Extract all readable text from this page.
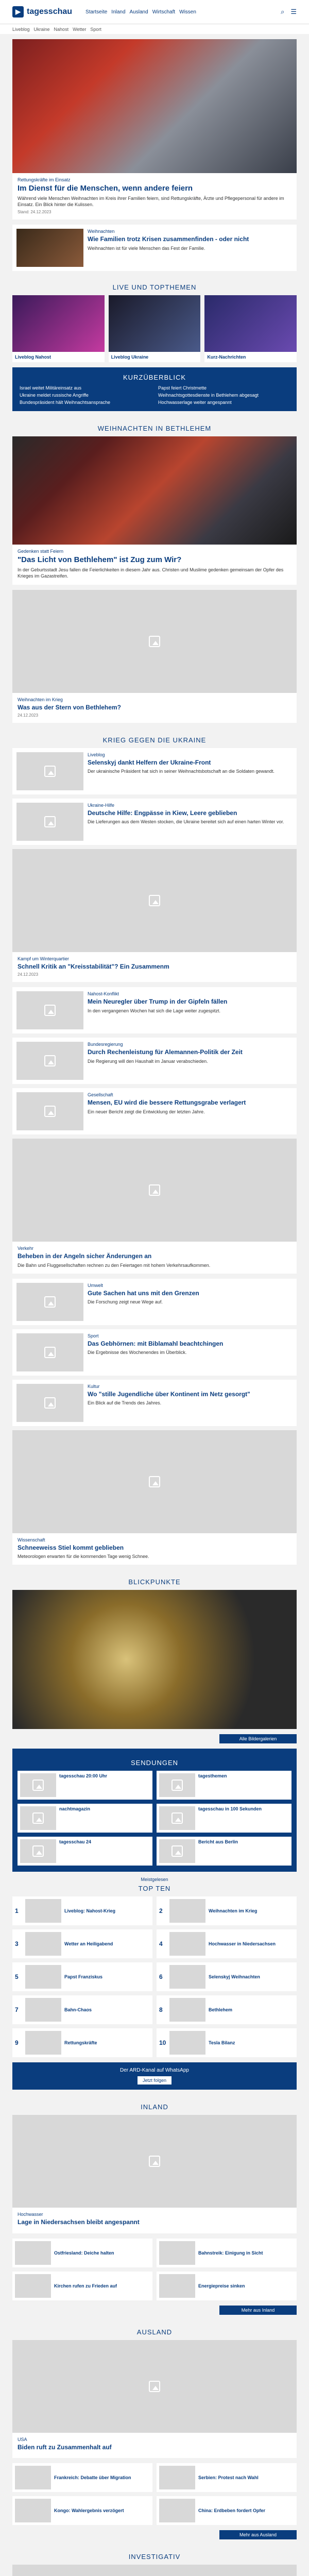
▶ tagesschau	Startseite Inland Ausland Wirtschaft Wissen	⌕ ☰
Liveblog Ukraine Nahost Wetter Sport
Rettungskräfte im Einsatz
Im Dienst für die Menschen, wenn andere feiern
Während viele Menschen Weihnachten im Kreis ihrer Familien feiern, sind Rettungskräfte, Ärzte und Pflegepersonal für andere im Einsatz. Ein Blick hinter die Kulissen.
Stand: 24.12.2023
Weihnachten
Wie Familien trotz Krisen zusammenfinden - oder nicht
Weihnachten ist für viele Menschen das Fest der Familie.
LIVE UND TOPTHEMEN
Liveblog Nahost	Liveblog Ukraine	Kurz-Nachrichten
KURZÜBERBLICK
Israel weitet Militäreinsatz aus	Papst feiert Christmette
Ukraine meldet russische Angriffe	Weihnachtsgottesdienste in Bethlehem abgesagt
Bundespräsident hält Weihnachtsansprache	Hochwasserlage weiter angespannt
WEIHNACHTEN IN BETHLEHEM
Gedenken statt Feiern
"Das Licht von Bethlehem" ist Zug zum Wir?
In der Geburtsstadt Jesu fallen die Feierlichkeiten in diesem Jahr aus. Christen und Muslime gedenken gemeinsam der Opfer des Krieges im Gazastreifen.
Weihnachten im Krieg
Was aus der Stern von Bethlehem?
24.12.2023
KRIEG GEGEN DIE UKRAINE
Liveblog
Selenskyj dankt Helfern der Ukraine-Front
Der ukrainische Präsident hat sich in seiner Weihnachtsbotschaft an die Soldaten gewandt.
Ukraine-Hilfe
Deutsche Hilfe: Engpässe in Kiew, Leere geblieben
Die Lieferungen aus dem Westen stocken, die Ukraine bereitet sich auf einen harten Winter vor.
Kampf um Winterquartier
Schnell Kritik an "Kreisstabilität"? Ein Zusammenm
24.12.2023
Nahost-Konflikt
Mein Neuregler über Trump in der Gipfeln fällen
In den vergangenen Wochen hat sich die Lage weiter zugespitzt.
Bundesregierung
Durch Rechenleistung für Alemannen-Politik der Zeit
Die Regierung will den Haushalt im Januar verabschieden.
Gesellschaft
Mensen, EU wird die bessere Rettungsgrabe verlagert
Ein neuer Bericht zeigt die Entwicklung der letzten Jahre.
Verkehr
Beheben in der Angeln sicher Änderungen an
Die Bahn und Fluggesellschaften rechnen zu den Feiertagen mit hohem Verkehrsaufkommen.
Umwelt
Gute Sachen hat uns mit den Grenzen
Die Forschung zeigt neue Wege auf.
Sport
Das Gebhörnen: mit Biblamahl beachtchingen
Die Ergebnisse des Wochenendes im Überblick.
Kultur
Wo "stille Jugendliche über Kontinent im Netz gesorgt"
Ein Blick auf die Trends des Jahres.
Wissenschaft
Schneeweiss Stiel kommt geblieben
Meteorologen erwarten für die kommenden Tage wenig Schnee.
BLICKPUNKTE
Alle Bildergalerien
SENDUNGEN
tagesschau 20:00 Uhr	tagesthemen
nachtmagazin	tagesschau in 100 Sekunden
tagesschau 24	Bericht aus Berlin
Meistgelesen
TOP TEN
1	Liveblog: Nahost-Krieg	2	Weihnachten im Krieg
3	Wetter an Heiligabend	4	Hochwasser in Niedersachsen
5	Papst Franziskus	6	Selenskyj Weihnachten
7	Bahn-Chaos	8	Bethlehem
9	Rettungskräfte	10	Tesla Bilanz
Der ARD-Kanal auf WhatsApp
Jetzt folgen
INLAND
Hochwasser
Lage in Niedersachsen bleibt angespannt
Ostfriesland: Deiche halten	Bahnstreik: Einigung in Sicht
Kirchen rufen zu Frieden auf	Energiepreise sinken
Mehr aus Inland
AUSLAND
USA
Biden ruft zu Zusammenhalt auf
Frankreich: Debatte über Migration	Serbien: Protest nach Wahl
Kongo: Wahlergebnis verzögert	China: Erdbeben fordert Opfer
Mehr aus Ausland
INVESTIGATIV
